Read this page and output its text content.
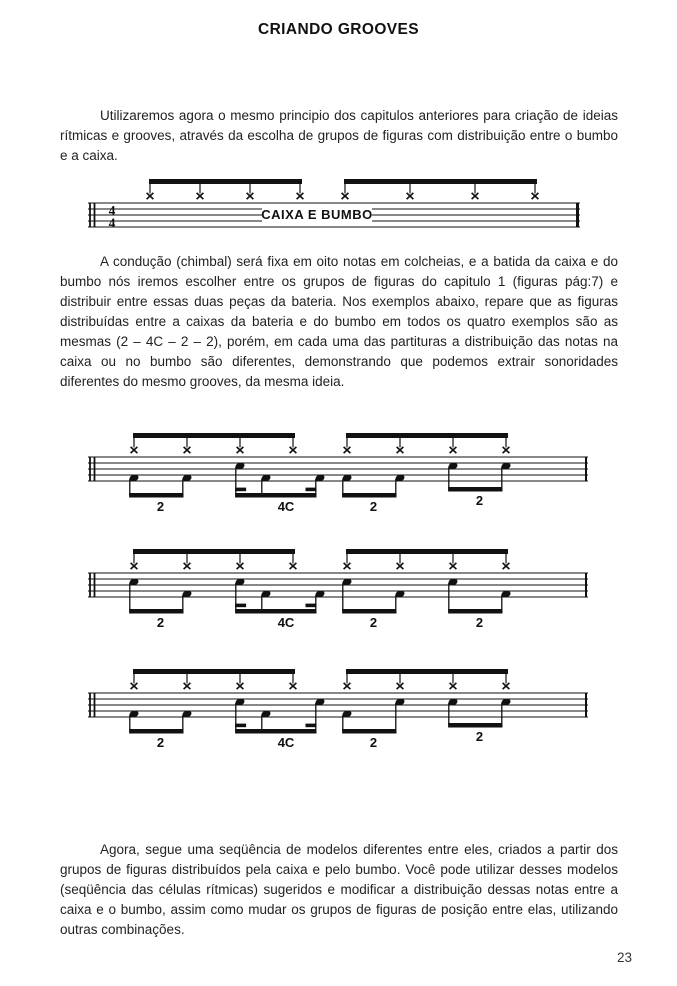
CRIANDO GROOVES

Utilizaremos agora o mesmo principio dos capitulos anteriores para criação de ideias rítmicas e grooves, através da escolha de grupos de figuras com distribuição entre o bumbo e a caixa.

4
4
CAIXA E BUMBO

A condução (chimbal) será fixa em oito notas em colcheias, e a batida da caixa e do bumbo nós iremos escolher entre os grupos de figuras do capitulo 1 (figuras pág:7) e distribuir entre essas duas peças da bateria. Nos exemplos abaixo, repare que as figuras distribuídas entre a caixas da bateria e do bumbo em todos os quatro exemplos são as mesmas (2 – 4C – 2 – 2), porém, em cada uma das partituras a distribuição das notas na caixa ou no bumbo são diferentes, demonstrando que podemos extrair sonoridades diferentes do mesmo grooves, da mesma ideia.

2	4C	2	2
2	4C	2	2
2	4C	2	2

Agora, segue uma seqüência de modelos diferentes entre eles, criados a partir dos grupos de figuras distribuídos pela caixa e pelo bumbo. Você pode utilizar desses modelos (seqüência das células rítmicas) sugeridos e modificar a distribuição dessas notas entre a caixa e o bumbo, assim como mudar os grupos de figuras de posição entre elas, utilizando outras combinações.

23
